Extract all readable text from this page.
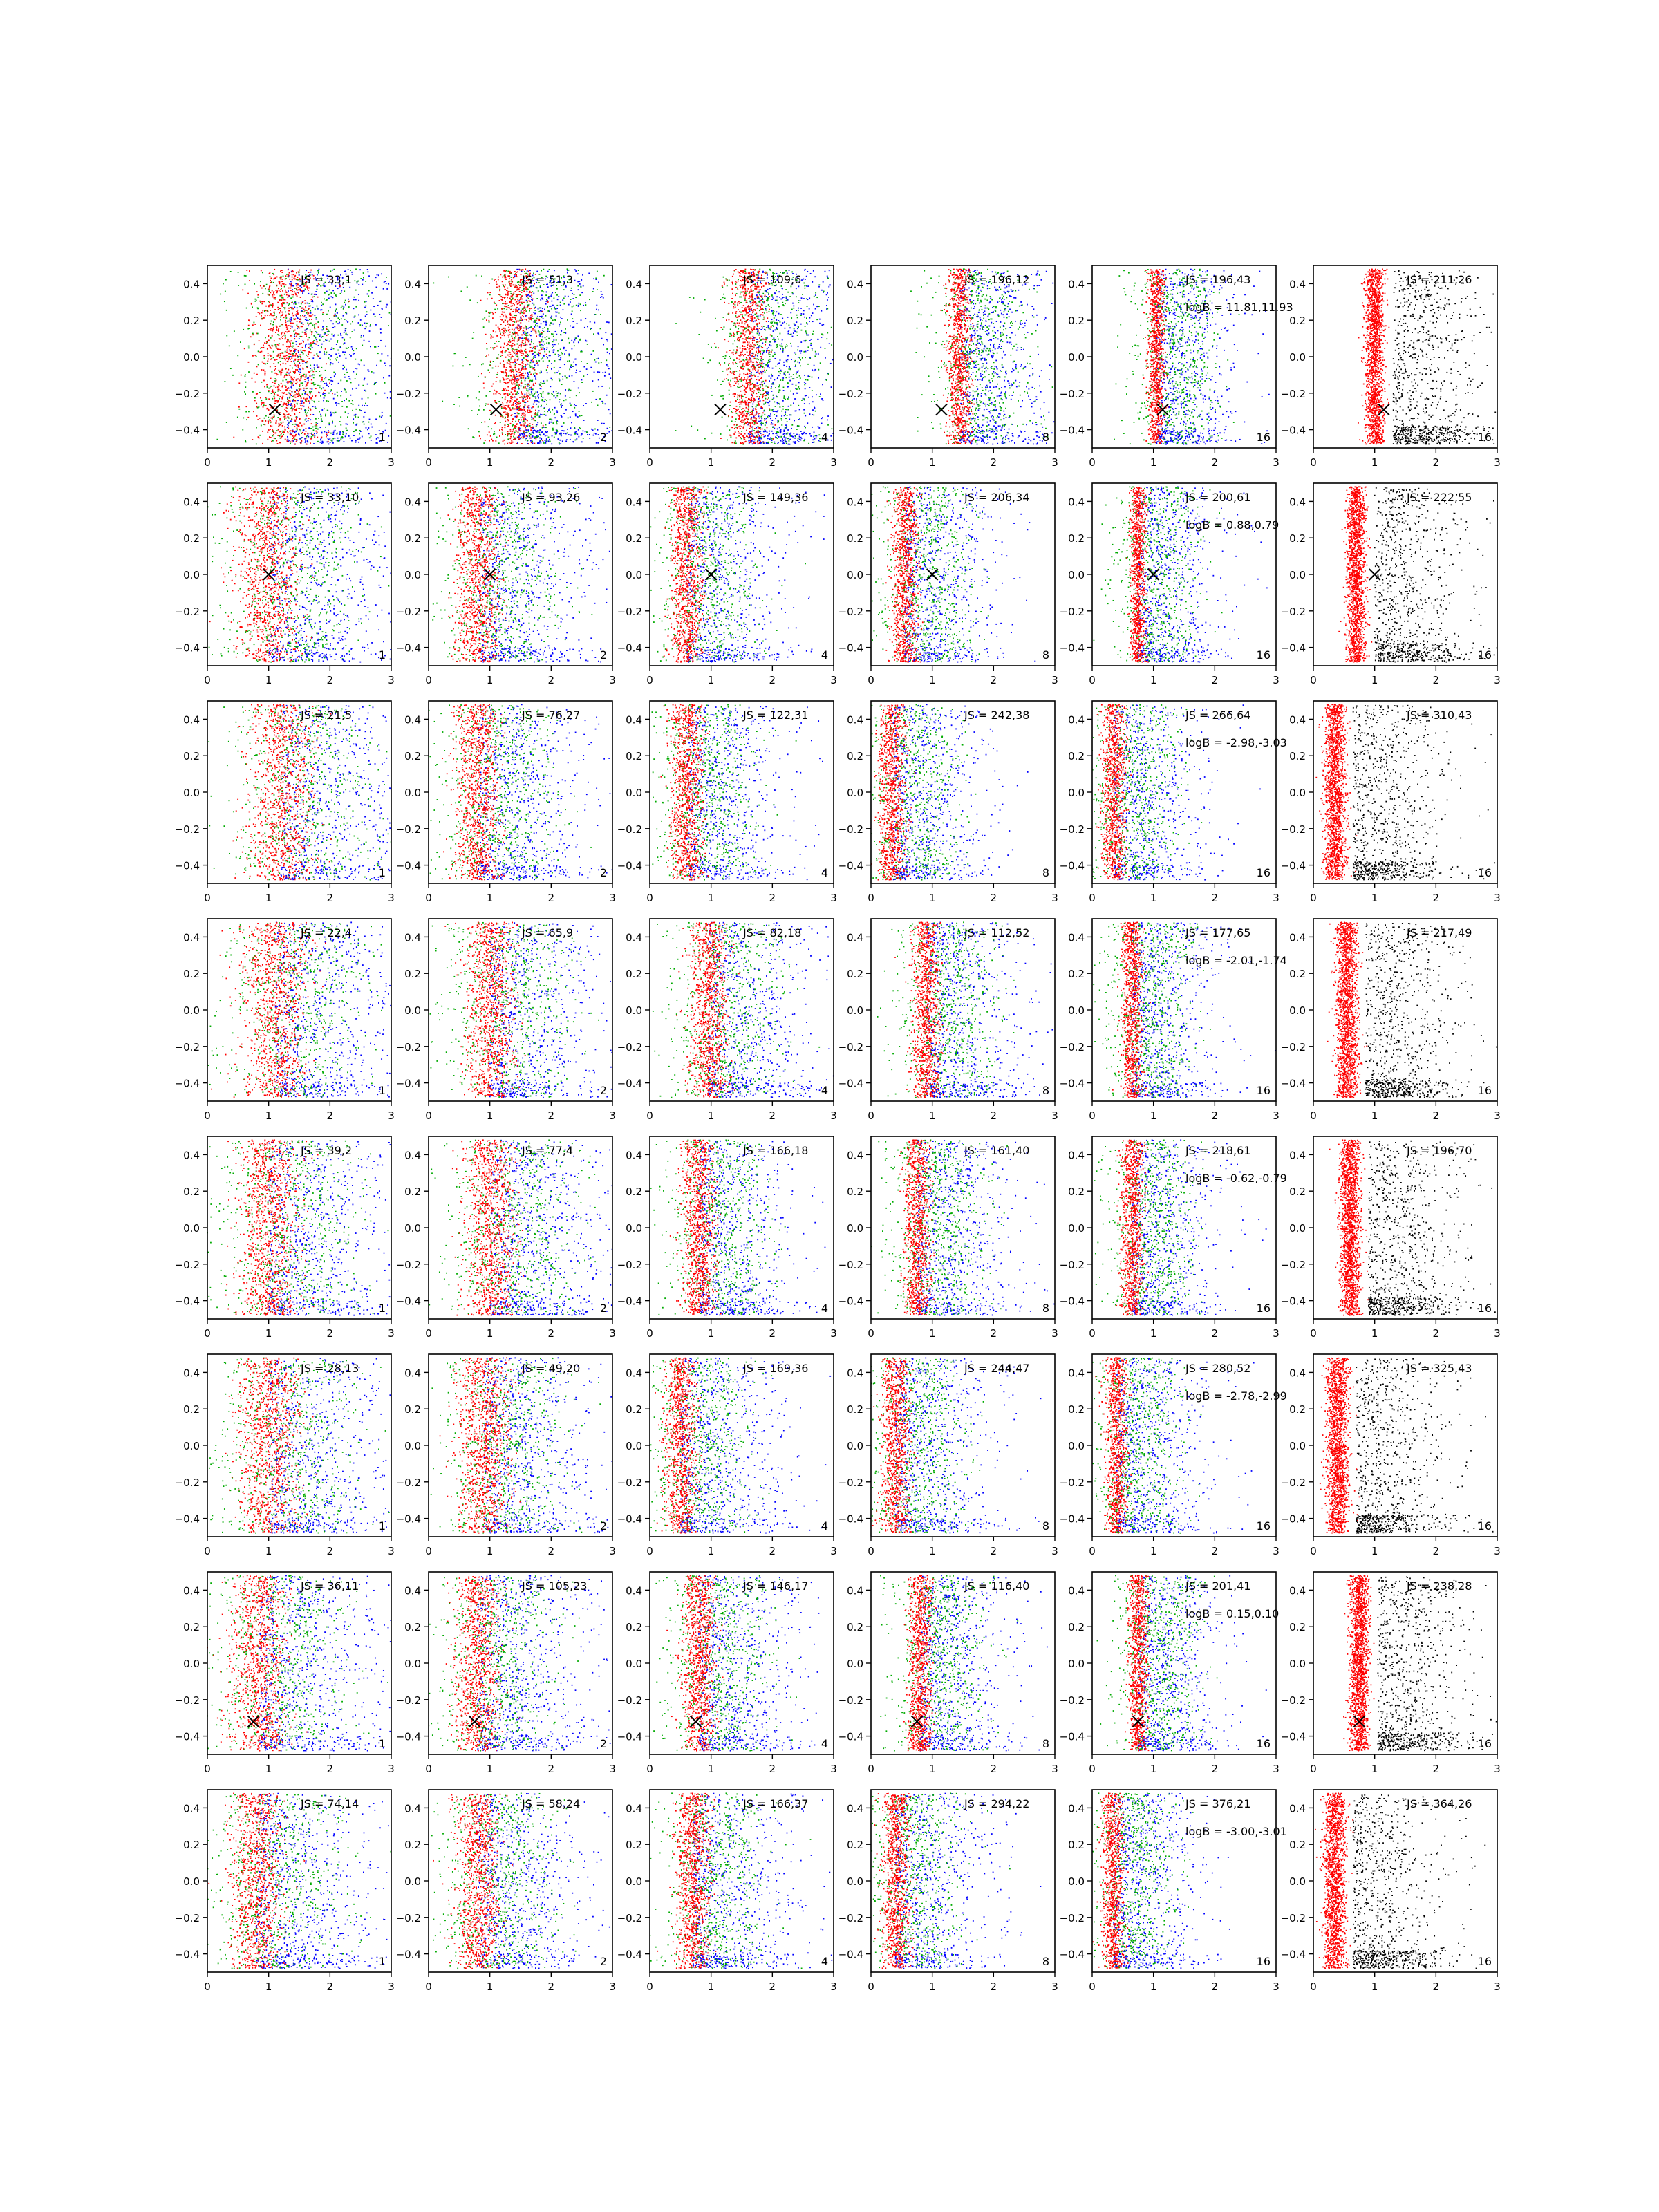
0.4
0.2
0.0
−0.2
−0.4
0	1	2	3
JS = 33,1
1
0.4
0.2
0.0
−0.2
−0.4
0	1	2	3
JS = 51,3
2
0.4
0.2
0.0
−0.2
−0.4
0	1	2	3
JS = 109,6
4
0.4
0.2
0.0
−0.2
−0.4
0	1	2	3
JS = 196,12
8
0.4
0.2
0.0
−0.2
−0.4
0	1	2	3
JS = 196,43
logB = 11.81,11.93
16
0.4
0.2
0.0
−0.2
−0.4
0	1	2	3
JS = 211,26
16
0.4
0.2
0.0
−0.2
−0.4
0	1	2	3
JS = 33,10
1
0.4
0.2
0.0
−0.2
−0.4
0	1	2	3
JS = 93,26
2
0.4
0.2
0.0
−0.2
−0.4
0	1	2	3
JS = 149,36
4
0.4
0.2
0.0
−0.2
−0.4
0	1	2	3
JS = 206,34
8
0.4
0.2
0.0
−0.2
−0.4
0	1	2	3
JS = 200,61
logB = 0.88,0.79
16
0.4
0.2
0.0
−0.2
−0.4
0	1	2	3
JS = 222,55
16
0.4
0.2
0.0
−0.2
−0.4
0	1	2	3
JS = 21,5
1
0.4
0.2
0.0
−0.2
−0.4
0	1	2	3
JS = 76,27
2
0.4
0.2
0.0
−0.2
−0.4
0	1	2	3
JS = 122,31
4
0.4
0.2
0.0
−0.2
−0.4
0	1	2	3
JS = 242,38
8
0.4
0.2
0.0
−0.2
−0.4
0	1	2	3
JS = 266,64
logB = -2.98,-3.03
16
0.4
0.2
0.0
−0.2
−0.4
0	1	2	3
JS = 310,43
16
0.4
0.2
0.0
−0.2
−0.4
0	1	2	3
JS = 22,4
1
0.4
0.2
0.0
−0.2
−0.4
0	1	2	3
JS = 65,9
2
0.4
0.2
0.0
−0.2
−0.4
0	1	2	3
JS = 82,18
4
0.4
0.2
0.0
−0.2
−0.4
0	1	2	3
JS = 112,52
8
0.4
0.2
0.0
−0.2
−0.4
0	1	2	3
JS = 177,65
logB = -2.01,-1.74
16
0.4
0.2
0.0
−0.2
−0.4
0	1	2	3
JS = 217,49
16
0.4
0.2
0.0
−0.2
−0.4
0	1	2	3
JS = 39,2
1
0.4
0.2
0.0
−0.2
−0.4
0	1	2	3
JS = 77,4
2
0.4
0.2
0.0
−0.2
−0.4
0	1	2	3
JS = 166,18
4
0.4
0.2
0.0
−0.2
−0.4
0	1	2	3
JS = 161,40
8
0.4
0.2
0.0
−0.2
−0.4
0	1	2	3
JS = 218,61
logB = -0.62,-0.79
16
0.4
0.2
0.0
−0.2
−0.4
0	1	2	3
JS = 196,70
16
0.4
0.2
0.0
−0.2
−0.4
0	1	2	3
JS = 28,13
1
0.4
0.2
0.0
−0.2
−0.4
0	1	2	3
JS = 49,20
2
0.4
0.2
0.0
−0.2
−0.4
0	1	2	3
JS = 169,36
4
0.4
0.2
0.0
−0.2
−0.4
0	1	2	3
JS = 244,47
8
0.4
0.2
0.0
−0.2
−0.4
0	1	2	3
JS = 280,52
logB = -2.78,-2.99
16
0.4
0.2
0.0
−0.2
−0.4
0	1	2	3
JS = 325,43
16
0.4
0.2
0.0
−0.2
−0.4
0	1	2	3
JS = 36,11
1
0.4
0.2
0.0
−0.2
−0.4
0	1	2	3
JS = 105,23
2
0.4
0.2
0.0
−0.2
−0.4
0	1	2	3
JS = 146,17
4
0.4
0.2
0.0
−0.2
−0.4
0	1	2	3
JS = 116,40
8
0.4
0.2
0.0
−0.2
−0.4
0	1	2	3
JS = 201,41
logB = 0.15,0.10
16
0.4
0.2
0.0
−0.2
−0.4
0	1	2	3
JS = 238,28
16
0.4
0.2
0.0
−0.2
−0.4
0	1	2	3
JS = 74,14
1
0.4
0.2
0.0
−0.2
−0.4
0	1	2	3
JS = 58,24
2
0.4
0.2
0.0
−0.2
−0.4
0	1	2	3
JS = 166,37
4
0.4
0.2
0.0
−0.2
−0.4
0	1	2	3
JS = 294,22
8
0.4
0.2
0.0
−0.2
−0.4
0	1	2	3
JS = 376,21
logB = -3.00,-3.01
16
0.4
0.2
0.0
−0.2
−0.4
0	1	2	3
JS = 364,26
16
